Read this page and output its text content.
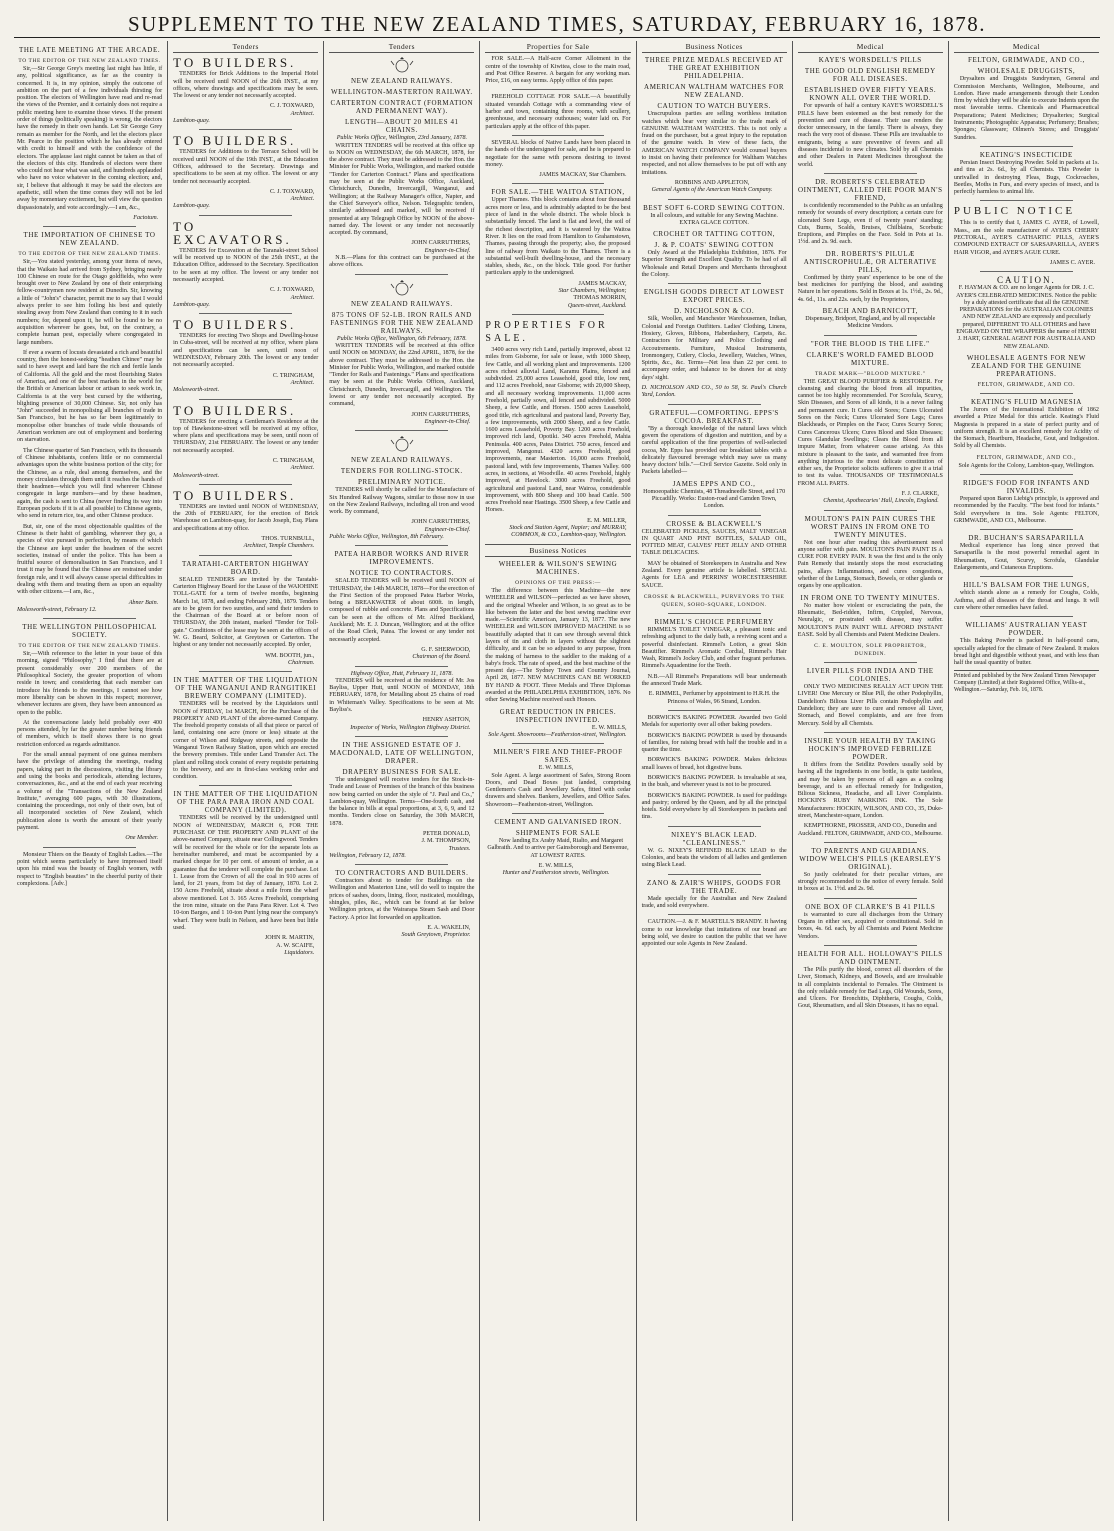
SUPPLEMENT TO THE NEW ZEALAND TIMES, SATURDAY, FEBRUARY 16, 1878.
THE LATE MEETING AT THE ARCADE.
TO THE EDITOR OF THE NEW ZEALAND TIMES.

Sir,—Sir George Grey's meeting last night has little, if any, political significance, as far as the country is concerned. It is, in my opinion, simply the outcome of ambition on the part of a few individuals thirsting for position. The electors of Wellington have read and re-read the views of the Premier, and it certainly does not require a public meeting here to examine those views. If the present order of things (politically speaking) is wrong, the electors have the remedy in their own hands. Let Sir George Grey remain as member for the North, and let the electors place Mr. Pearce in the position which he has already entered with credit to himself and with the confidence of the electors. The applause last night cannot be taken as that of the electors of this city. Hundreds of electors were there who could not hear what was said, and hundreds applauded who have no voice whatever in the coming election; and, sir, I believe that although it may be said the electors are apathetic, still when the time comes they will not be led away by momentary excitement, but will view the question dispassionately, and vote accordingly.—I am, &c.,

Factotum.
THE IMPORTATION OF CHINESE TO NEW ZEALAND.
TO THE EDITOR OF THE NEW ZEALAND TIMES.

Sir,—You stated yesterday, among your items of news, that the Waikato had arrived from Sydney, bringing nearly 100 Chinese en route for the Otago goldfields, who were brought over to New Zealand by one of their enterprising fellow-countrymen now resident at Dunedin. Sir, knowing a little of "John's" character, permit me to say that I would always prefer to see him foiling his best and quietly stealing away from New Zealand than coming to it in such numbers; for, depend upon it, he will be found to be no acquisition wherever he goes, but, on the contrary, a complete human pest, especially where congregated in large numbers.

If ever a swarm of locusts devastated a rich and beautiful country, then the honest-seeking "heathen Chinee" may be said to have swept and laid bare the rich and fertile lands of California. All the gold and the most flourishing States of America, and one of the best markets in the world for the British or American labour or artisan to seek work in, California is at the very best cursed by the withering, blighting presence of 30,000 Chinese. Sir, not only has "John" succeeded in monopolising all branches of trade in San Francisco, but he has so far been legitimately to monopolise other branches of trade while thousands of American workmen are out of employment and bordering on starvation.

The Chinese quarter of San Francisco, with its thousands of Chinese inhabitants, confers little or no commercial advantages upon the white business portion of the city; for the Chinese, as a rule, deal among themselves, and the money circulates through them until it reaches the hands of their headmen—which you will find wherever Chinese congregate in large numbers—and by these headmen, again, the cash is sent to China (never finding its way into European pockets if it is at all possible) to Chinese agents, who send in return rice, tea, and other Chinese produce.

But, sir, one of the most objectionable qualities of the Chinese is their habit of gambling, wherever they go, a species of vice pursued in perfection, by means of which the Chinese are kept under the headmen of the secret societies, instead of under the police. This has been a fruitful source of demoralisation in San Francisco, and I trust it may be found that the Chinese are restrained under foreign rule, and it will always cause special difficulties in dealing with them and treating them as upon an equality with other citizens.—I am, &c.,

Abner Bain.
Molesworth-street, February 12.
THE WELLINGTON PHILOSOPHICAL SOCIETY.
TO THE EDITOR OF THE NEW ZEALAND TIMES.

Sir,—With reference to the letter in your issue of this morning, signed "Philosophy," I find that there are at present considerably over 200 members of the Philosophical Society, the greater proportion of whom reside in town; and considering that each member can introduce his friends to the meetings, I cannot see how more liberality can be shown in this respect; moreover, whenever lectures are given, they have been announced as open to the public.

At the conversazione lately held probably over 400 persons attended, by far the greater number being friends of members, which is itself shows there is no great restriction enforced as regards admittance.

For the small annual payment of one guinea members have the privilege of attending the meetings, reading papers, taking part in the discussions, visiting the library and using the books and periodicals, attending lectures, conversaziones, &c., and at the end of each year receiving a volume of the "Transactions of the New Zealand Institute," averaging 600 pages, with 30 illustrations, containing the proceedings, not only of their own, but of all incorporated societies of New Zealand, which publication alone is worth the amount of their yearly payment.

One Member.

Monsieur Thiers on the Beauty of English Ladies.—The point which seems particularly to have impressed itself upon his mind was the beauty of English women, with respect to "English beauties" in the cheerful purity of their complexions. [Adv.]

Tenders
TO BUILDERS.

TENDERS for Brick Additions to the Imperial Hotel will be received until NOON of the 26th INST., at my offices, where drawings and specifications may be seen. The lowest or any tender not necessarily accepted.

C. J. TOXWARD,
Architect.
Lambton-quay.
TO BUILDERS.

TENDERS for Additions to the Terrace School will be received until NOON of the 19th INST., at the Education Offices, addressed to the Secretary. Drawings and specifications to be seen at my office. The lowest or any tender not necessarily accepted.

C. J. TOXWARD,
Architect.
Lambton-quay.
TO EXCAVATORS.

TENDERS for Excavation at the Taranaki-street School will be received up to NOON of the 25th INST., at the Education Office, addressed to the Secretary. Specification to be seen at my office. The lowest or any tender not necessarily accepted.

C. J. TOXWARD,
Architect.
Lambton-quay.
TO BUILDERS.

TENDERS for erecting Two Shops and Dwelling-house in Cuba-street, will be received at my office, where plans and specifications can be seen, until noon of WEDNESDAY, February 20th. The lowest or any tender not necessarily accepted.

C. TRINGHAM,
Architect.
Molesworth-street.
TO BUILDERS.

TENDERS for erecting a Gentleman's Residence at the top of Hawkestone-street will be received at my office, where plans and specifications may be seen, until noon of THURSDAY, 21st FEBRUARY. The lowest or any tender not necessarily accepted.

C. TRINGHAM,
Architect.
Molesworth-street.
TO BUILDERS.

TENDERS are invited until NOON of WEDNESDAY, the 20th of FEBRUARY, for the erection of Brick Warehouse on Lambton-quay, for Jacob Joseph, Esq. Plans and specifications at my office.

THOS. TURNBULL,
Architect, Temple Chambers.
TARATAHI-CARTERTON HIGHWAY BOARD.

SEALED TENDERS are invited by the Taratahi-Carterton Highway Board for the Lease of the WAIOHINE TOLL-GATE for a term of twelve months, beginning March 1st, 1878, and ending February 28th, 1879. Tenders are to be given for two sureties, and send their tenders to the Chairman of the Board at or before noon of THURSDAY, the 20th instant, marked "Tender for Toll-gate." Conditions of the lease may be seen at the offices of W. G. Beard, Solicitor, at Greytown or Carterton. The highest or any tender not necessarily accepted. By order,

WM. BOOTH, jun.,
Chairman.
IN THE MATTER OF THE LIQUIDATION OF THE WANGANUI AND RANGITIKEI BREWERY COMPANY (LIMITED).

TENDERS will be received by the Liquidators until NOON of FRIDAY, 1st MARCH, for the Purchase of the PROPERTY AND PLANT of the above-named Company. The freehold property consists of all that piece or parcel of land, containing one acre (more or less) situate at the corner of Wilson and Ridgway streets, and opposite the Wanganui Town Railway Station, upon which are erected the brewery premises. Title under Land Transfer Act. The plant and rolling stock consist of every requisite pertaining to the brewery, and are in first-class working order and condition.

IN THE MATTER OF THE LIQUIDATION OF THE PARA PARA IRON AND COAL COMPANY (LIMITED).

TENDERS will be received by the undersigned until NOON of WEDNESDAY, MARCH 6, FOR THE PURCHASE OF THE PROPERTY AND PLANT of the above-named Company, situate near Collingwood. Tenders will be received for the whole or for the separate lots as hereinafter numbered, and must be accompanied by a marked cheque for 10 per cent. of amount of tender, as a guarantee that the tenderer will complete the purchase. Lot 1. Lease from the Crown of all the coal in 910 acres of land, for 21 years, from 1st day of January, 1870. Lot 2. 150 Acres Freehold, situate about a mile from the wharf above mentioned. Lot 3. 165 Acres Freehold, comprising the iron mine, situate on the Para Para River. Lot 4. Two 10-ton Barges, and 1 10-ton Punt lying near the company's wharf. They were built in Nelson, and have been but little used.

JOHN R. MARTIN,
A. W. SCAIFE,
Liquidators.
Tenders
NEW ZEALAND RAILWAYS.
WELLINGTON-MASTERTON RAILWAY.
CARTERTON CONTRACT (FORMATION AND PERMANENT WAY).
LENGTH—ABOUT 20 MILES 41 CHAINS.
Public Works Office, Wellington, 23rd January, 1878.

WRITTEN TENDERS will be received at this office up to NOON on WEDNESDAY, the 6th MARCH, 1878, for the above contract. They must be addressed to the Hon. the Minister for Public Works, Wellington, and marked outside "Tender for Carterton Contract." Plans and specifications may be seen at the Public Works Office, Auckland, Christchurch, Dunedin, Invercargill, Wanganui, and Wellington; at the Railway Manager's office, Napier, and the Chief Surveyor's office, Nelson. Telegraphic tenders, similarly addressed and marked, will be received if presented at any Telegraph Office by NOON of the above-named day. The lowest or any tender not necessarily accepted. By command,

JOHN CARRUTHERS,
Engineer-in-Chief.

N.B.—Plans for this contract can be purchased at the above offices.

NEW ZEALAND RAILWAYS.
875 TONS OF 52-LB. IRON RAILS AND FASTENINGS FOR THE NEW ZEALAND RAILWAYS.
Public Works Office, Wellington, 6th February, 1878.

WRITTEN TENDERS will be received at this office until NOON on MONDAY, the 22nd APRIL, 1878, for the above contract. They must be addressed to the Hon. the Minister for Public Works, Wellington, and marked outside "Tender for Rails and Fastenings." Plans and specifications may be seen at the Public Works Offices, Auckland, Christchurch, Dunedin, Invercargill, and Wellington. The lowest or any tender not necessarily accepted. By command,

JOHN CARRUTHERS,
Engineer-in-Chief.
NEW ZEALAND RAILWAYS.
TENDERS FOR ROLLING-STOCK.
PRELIMINARY NOTICE.

TENDERS will shortly be called for the Manufacture of Six Hundred Railway Wagons, similar to those now in use on the New Zealand Railways, including all iron and wood work. By command,

JOHN CARRUTHERS,
Engineer-in-Chief.
Public Works Office, Wellington, 8th February.
PATEA HARBOR WORKS AND RIVER IMPROVEMENTS.
NOTICE TO CONTRACTORS.

SEALED TENDERS will be received until NOON of THURSDAY, the 14th MARCH, 1878—For the erection of the First Section of the proposed Patea Harbor Works, being a BREAKWATER of about 600ft. in length, composed of rubble and concrete. Plans and Specifications can be seen at the offices of Mr. Alfred Buckland, Auckland; Mr. E. J. Duncan, Wellington; and at the office of the Road Clerk, Patea. The lowest or any tender not necessarily accepted.

G. F. SHERWOOD,
Chairman of the Board.
Highway Office, Hutt, February 11, 1878.

TENDERS will be received at the residence of Mr. Jos Bayliss, Upper Hutt, until NOON of MONDAY, 18th FEBRUARY, 1878, for Metalling about 25 chains of road in Whiteman's Valley. Specifications to be seen at Mr. Bayliss's.

HENRY ASHTON,
Inspector of Works, Wellington Highway District.
IN THE ASSIGNED ESTATE OF J. MACDONALD, LATE OF WELLINGTON, DRAPER.
DRAPERY BUSINESS FOR SALE.

The undersigned will receive tenders for the Stock-in-Trade and Lease of Premises of the branch of this business now being carried on under the style of "J. Paul and Co.," Lambton-quay, Wellington. Terms—One-fourth cash, and the balance in bills at equal proportions, at 3, 6, 9, and 12 months. Tenders close on Saturday, the 30th MARCH, 1878.

PETER DONALD,
J. M. THOMPSON,
Trustees.
Wellington, February 12, 1878.
TO CONTRACTORS AND BUILDERS.

Contractors about to tender for Buildings on the Wellington and Masterton Line, will do well to inquire the prices of sashes, doors, lining, floor, rusticated, mouldings, shingles, piles, &c., which can be found at far below Wellington prices, at the Wairarapa Steam Sash and Door Factory. A price list forwarded on application.

E. A. WAKELIN,
South Greytown, Proprietor.
Properties for Sale

FOR SALE.—A Half-acre Corner Allotment in the centre of the township of Kiwitea, close to the main road, and Post Office Reserve. A bargain for any working man. Price, £16, on easy terms. Apply office of this paper.

FREEHOLD COTTAGE FOR SALE.—A beautifully situated verandah Cottage with a commanding view of harbor and town, containing three rooms, with scullery, greenhouse, and necessary outhouses; water laid on. For particulars apply at the office of this paper.

SEVERAL blocks of Native Lands have been placed in the hands of the undersigned for sale, and he is prepared to negotiate for the same with persons desiring to invest money.

JAMES MACKAY, Star Chambers.
FOR SALE.—THE WAITOA STATION,

Upper Thames. This block contains about four thousand acres more or less, and is admirably adapted to be the best piece of land in the whole district. The whole block is substantially fenced. The land is flat and level, the soil of the richest description, and it is watered by the Waitoa River. It lies on the road from Hamilton to Grahamstown, Thames, passing through the property; also, the proposed line of railway from Waikato to the Thames. There is a substantial well-built dwelling-house, and the necessary stables, sheds, &c., on the block. Title good. For further particulars apply to the undersigned.

JAMES MACKAY,
Star Chambers, Wellington;
THOMAS MORRIN,
Queen-street, Auckland.
PROPERTIES FOR SALE.

3400 acres very rich Land, partially improved, about 12 miles from Gisborne, for sale or lease, with 1000 Sheep, few Cattle, and all working plant and improvements. 1200 acres richest alluvial Land, Karamu Plains, fenced and subdivided. 25,000 acres Leasehold, good title, low rent, and 112 acres Freehold, near Gisborne; with 20,000 Sheep, and all necessary working improvements. 11,000 acres Freehold, partially sown, all fenced and subdivided. 5000 Sheep, a few Cattle, and Horses. 1500 acres Leasehold, good title, rich agricultural and pastoral land, Poverty Bay, a few improvements, with 2000 Sheep, and a few Cattle. 1600 acres Leasehold, Poverty Bay. 1200 acres Freehold, improved rich land, Opotiki. 340 acres Freehold, Mahia Peninsula. 400 acres, Patea District. 750 acres, fenced and improved, Mangonui. 4320 acres Freehold, good improvements, near Masterton. 16,000 acres Freehold, pastoral land, with few improvements, Thames Valley. 600 acres, in sections, at Woodville. 40 acres Freehold, highly improved, at Havelock. 3000 acres Freehold, good agricultural and pastoral Land, near Wairoa, considerable improvement, with 800 Sheep and 100 head Cattle. 500 acres Freehold near Hastings. 3500 Sheep, a few Cattle and Horses.

E. M. MILLER,
Stock and Station Agent, Napier; and MURRAY, COMMON, & CO., Lambton-quay, Wellington.
Business Notices
WHEELER & WILSON'S SEWING MACHINES.
OPINIONS OF THE PRESS:—

The difference between this Machine—the new WHEELER and WILSON—perfected as we have shown, and the original Wheeler and Wilson, is so great as to be like between the latter and the best sewing machine ever made.—Scientific American, January 13, 1877. The new WHEELER and WILSON IMPROVED MACHINE is so beautifully adapted that it can sew through several thick layers of tin and cloth in layers without the slightest difficulty, and it can be so adjusted to any purpose, from the making of harness to the saddler to the making of a baby's frock. The rate of speed, and the best machine of the present day.—The Sydney Town and Country Journal, April 28, 1877. NEW MACHINES CAN BE WORKED BY HAND & FOOT. Three Medals and Three Diplomas awarded at the PHILADELPHIA EXHIBITION, 1876. No other Sewing Machine received such Honors.

GREAT REDUCTION IN PRICES. INSPECTION INVITED.
E. W. MILLS,
Sole Agent. Showrooms—Featherston-street, Wellington.
MILNER'S FIRE AND THIEF-PROOF SAFES.
E. W. MILLS,

Sole Agent. A large assortment of Safes, Strong Room Doors, and Dead Boxes just landed, comprising Gentlemen's Cash and Jewellery Safes, fitted with cedar drawers and shelves. Bankers, Jewellers, and Office Safes. Showroom—Featherston-street, Wellington.

CEMENT AND GALVANISED IRON.
SHIPMENTS FOR SALE

Now landing Ex Araby Maid, Rialto, and Margaret Galbraith. And to arrive per Gainsborough and Benvenue, AT LOWEST RATES.

E. W. MILLS,
Hunter and Featherston streets, Wellington.
Business Notices
THREE PRIZE MEDALS RECEIVED AT THE GREAT EXHIBITION PHILADELPHIA.
AMERICAN WALTHAM WATCHES FOR NEW ZEALAND.
CAUTION TO WATCH BUYERS.

Unscrupulous parties are selling worthless imitation watches which bear very similar to the trade mark of GENUINE WALTHAM WATCHES. This is not only a fraud on the purchaser, but a great injury to the reputation of the genuine watch. In view of these facts, the AMERICAN WATCH COMPANY would counsel buyers to insist on having their preference for Waltham Watches respected, and not allow themselves to be put off with any imitations.

ROBBINS AND APPLETON,
General Agents of the American Watch Company.
BEST SOFT 6-CORD SEWING COTTON.

In all colours, and suitable for any Sewing Machine. EXTRA GLACE COTTON.

CROCHET OR TATTING COTTON,
J. & P. COATS' SEWING COTTON

Only Award at the Philadelphia Exhibition, 1876. For Superior Strength and Excellent Quality. To be had of all Wholesale and Retail Drapers and Merchants throughout the Colony.

ENGLISH GOODS DIRECT AT LOWEST EXPORT PRICES.
D. NICHOLSON & CO.

Silk, Woollen, and Manchester Warehousemen, Indian, Colonial and Foreign Outfitters. Ladies' Clothing, Linens, Hosiery, Gloves, Ribbons, Haberdashery, Carpets, &c. Contractors for Military and Police Clothing and Accoutrements. Furniture, Musical Instruments, Ironmongery, Cutlery, Clocks, Jewellery, Watches, Wines, Spirits, &c., &c. Terms—Net less than 22 per cent. to accompany order, and balance to be drawn for at sixty days' sight.

D. NICHOLSON AND CO., 50 to 58, St. Paul's Church Yard, London.
GRATEFUL—COMFORTING. EPPS'S COCOA. BREAKFAST.

"By a thorough knowledge of the natural laws which govern the operations of digestion and nutrition, and by a careful application of the fine properties of well-selected cocoa, Mr. Epps has provided our breakfast tables with a delicately flavoured beverage which may save us many heavy doctors' bills."—Civil Service Gazette. Sold only in Packets labelled—

JAMES EPPS AND CO.,

Homoeopathic Chemists, 48 Threadneedle Street, and 170 Piccadilly. Works: Euston-road and Camden Town, London.

CROSSE & BLACKWELL'S

CELEBRATED PICKLES, SAUCES, MALT VINEGAR IN QUART AND PINT BOTTLES, SALAD OIL, POTTED MEAT, CALVES' FEET JELLY AND OTHER TABLE DELICACIES.

MAY be obtained of Storekeepers in Australia and New Zealand. Every genuine article is labelled. SPECIAL Agents for LEA and PERRINS' WORCESTERSHIRE SAUCE.

CROSSE & BLACKWELL, PURVEYORS TO THE QUEEN, SOHO-SQUARE, LONDON.
RIMMEL'S CHOICE PERFUMERY

RIMMEL'S TOILET VINEGAR, a pleasant tonic and refreshing adjunct to the daily bath, a reviving scent and a powerful disinfectant. Rimmel's Lotion, a great Skin Beautifier. Rimmel's Aromatic Cordial, Rimmel's Hair Wash, Rimmel's Jockey Club, and other fragrant perfumes. Rimmel's Aquadentine for the Teeth.

N.B.—All Rimmel's Preparations will bear underneath the annexed Trade Mark.

E. RIMMEL, Perfumer by appointment to H.R.H. the Princess of Wales, 96 Strand, London.

BORWICK'S BAKING POWDER. Awarded two Gold Medals for superiority over all other baking powders.

BORWICK'S BAKING POWDER is used by thousands of families, for raising bread with half the trouble and in a quarter the time.

BORWICK'S BAKING POWDER. Makes delicious small loaves of bread, hot digestive buns.

BORWICK'S BAKING POWDER. Is invaluable at sea, in the bush, and wherever yeast is not to be procured.

BORWICK'S BAKING POWDER. Is used for puddings and pastry; ordered by the Queen, and by all the principal hotels. Sold everywhere by all Storekeepers in packets and tins.

NIXEY'S BLACK LEAD. "CLEANLINESS."

W. G. NIXEY'S REFINED BLACK LEAD to the Colonies, and beats the wisdom of all ladies and gentlemen using Black Lead.

ZANO & ZAIR'S WHIPS, GOODS FOR THE TRADE.

Made specially for the Australian and New Zealand trade, and sold everywhere.

CAUTION.—J. & F. MARTELL'S BRANDY. It having come to our knowledge that imitations of our brand are being sold, we desire to caution the public that we have appointed our sole Agents in New Zealand.

Medical
KAYE'S WORSDELL'S PILLS
THE GOOD OLD ENGLISH REMEDY FOR ALL DISEASES.
ESTABLISHED OVER FIFTY YEARS. KNOWN ALL OVER THE WORLD.

For upwards of half a century KAYE'S WORSDELL'S PILLS have been esteemed as the best remedy for the prevention and cure of disease. Their use renders the doctor unnecessary, in the family. There is always, they reach the very root of disease. These Pills are invaluable to emigrants, being a sure preventive of fevers and all diseases incidental to new climates. Sold by all Chemists and other Dealers in Patent Medicines throughout the world.

DR. ROBERTS'S CELEBRATED OINTMENT, CALLED THE POOR MAN'S FRIEND,

is confidently recommended to the Public as an unfailing remedy for wounds of every description; a certain cure for ulcerated Sore Legs, even if of twenty years' standing; Cuts, Burns, Scalds, Bruises, Chilblains, Scorbutic Eruptions, and Pimples on the Face. Sold in Pots at 1s. 1½d. and 2s. 9d. each.

DR. ROBERTS'S PILULÆ ANTISCROPHULÆ, OR ALTERATIVE PILLS,

Confirmed by thirty years' experience to be one of the best medicines for purifying the blood, and assisting Nature in her operations. Sold in Boxes at 1s. 1½d., 2s. 9d., 4s. 6d., 11s. and 22s. each, by the Proprietors,

BEACH AND BARNICOTT,

Dispensary, Bridport, England, and by all respectable Medicine Vendors.

"FOR THE BLOOD IS THE LIFE."
CLARKE'S WORLD FAMED BLOOD MIXTURE.
TRADE MARK—"BLOOD MIXTURE."

THE GREAT BLOOD PURIFIER & RESTORER. For cleansing and clearing the blood from all impurities, cannot be too highly recommended. For Scrofula, Scurvy, Skin Diseases, and Sores of all kinds, it is a never failing and permanent cure. It Cures old Sores; Cures Ulcerated Sores on the Neck; Cures Ulcerated Sore Legs; Cures Blackheads, or Pimples on the Face; Cures Scurvy Sores; Cures Cancerous Ulcers; Cures Blood and Skin Diseases; Cures Glandular Swellings; Clears the Blood from all impure Matter, from whatever cause arising. As this mixture is pleasant to the taste, and warranted free from anything injurious to the most delicate constitution of either sex, the Proprietor solicits sufferers to give it a trial to test its value. THOUSANDS OF TESTIMONIALS FROM ALL PARTS.

F. J. CLARKE,
Chemist, Apothecaries' Hall, Lincoln, England.
MOULTON'S PAIN PAIN CURES THE WORST PAINS IN FROM ONE TO TWENTY MINUTES.

Not one hour after reading this advertisement need anyone suffer with pain. MOULTON'S PAIN PAINT IS A CURE FOR EVERY PAIN. It was the first and is the only Pain Remedy that instantly stops the most excruciating pains, allays Inflammations, and cures congestions, whether of the Lungs, Stomach, Bowels, or other glands or organs by one application.

IN FROM ONE TO TWENTY MINUTES.

No matter how violent or excruciating the pain, the Rheumatic, Bed-ridden, Infirm, Crippled, Nervous, Neuralgic, or prostrated with disease, may suffer. MOULTON'S PAIN PAINT WILL AFFORD INSTANT EASE. Sold by all Chemists and Patent Medicine Dealers.

C. E. MOULTON, SOLE PROPRIETOR, DUNEDIN.
LIVER PILLS FOR INDIA AND THE COLONIES.

ONLY TWO MEDICINES REALLY ACT UPON THE LIVER! One Mercury or Blue Pill, the other Podophyllin, Dandelion's Bilious Liver Pills contain Podophyllin and Dandelion; they are sure to cure and remove all Liver, Stomach, and Bowel complaints, and are free from Mercury. Sold by all Chemists.

INSURE YOUR HEALTH BY TAKING HOCKIN'S IMPROVED FEBRILIZE POWDER.

It differs from the Seidlitz Powders usually sold by having all the ingredients in one bottle, is quite tasteless, and may be taken by persons of all ages as a cooling beverage, and is an effectual remedy for Indigestion, Bilious Sickness, Headache, and all Liver Complaints. HOCKIN'S RUBY MARKING INK. The Sole Manufacturers: HOCKIN, WILSON, AND CO., 35, Duke-street, Manchester-square, London.

KEMPTHORNE, PROSSER, AND CO., Dunedin and Auckland. FELTON, GRIMWADE, AND CO., Melbourne.

TO PARENTS AND GUARDIANS. WIDOW WELCH'S PILLS (KEARSLEY'S ORIGINAL).

So justly celebrated for their peculiar virtues, are strongly recommended to the notice of every female. Sold in boxes at 1s. 1½d. and 2s. 9d.

ONE BOX OF CLARKE'S B 41 PILLS

is warranted to cure all discharges from the Urinary Organs in either sex, acquired or constitutional. Sold in boxes, 4s. 6d. each, by all Chemists and Patent Medicine Vendors.

HEALTH FOR ALL. HOLLOWAY'S PILLS AND OINTMENT.

The Pills purify the blood, correct all disorders of the Liver, Stomach, Kidneys, and Bowels, and are invaluable in all complaints incidental to Females. The Ointment is the only reliable remedy for Bad Legs, Old Wounds, Sores, and Ulcers. For Bronchitis, Diphtheria, Coughs, Colds, Gout, Rheumatism, and all Skin Diseases, it has no equal.

Medical
FELTON, GRIMWADE, AND CO.,
WHOLESALE DRUGGISTS,

Drysalters and Druggists Sundrymen, General and Commission Merchants, Wellington, Melbourne, and London. Have made arrangements through their London firm by which they will be able to execute Indents upon the most favorable terms. Chemicals and Pharmaceutical Preparations; Patent Medicines; Drysalteries; Surgical Instruments; Photographic Apparatus; Perfumery; Brushes; Sponges; Glassware; Oilmen's Stores; and Druggists' Sundries.

KEATING'S INSECTICIDE

Persian Insect Destroying Powder. Sold in packets at 1s. and tins at 2s. 6d., by all Chemists. This Powder is unrivalled in destroying Fleas, Bugs, Cockroaches, Beetles, Moths in Furs, and every species of insect, and is perfectly harmless to animal life.

PUBLIC NOTICE

This is to certify that I, JAMES C. AYER, of Lowell, Mass., am the sole manufacturer of AYER'S CHERRY PECTORAL, AYER'S CATHARTIC PILLS, AYER'S COMPOUND EXTRACT OF SARSAPARILLA, AYER'S HAIR VIGOR, and AYER'S AGUE CURE.

JAMES C. AYER.
CAUTION.

F. HAYMAN & CO. are no longer Agents for DR. J. C. AYER'S CELEBRATED MEDICINES. Notice the public by a duly attested certificate that all the GENUINE PREPARATIONS for the AUSTRALIAN COLONIES AND NEW ZEALAND are expressly and peculiarly prepared, DIFFERENT TO ALL OTHERS and have ENGRAVED ON THE WRAPPERS the name of HENRI J. HART, GENERAL AGENT FOR AUSTRALIA AND NEW ZEALAND.

WHOLESALE AGENTS FOR NEW ZEALAND FOR THE GENUINE PREPARATIONS.
FELTON, GRIMWADE, AND CO.
KEATING'S FLUID MAGNESIA

The Jurors of the International Exhibition of 1862 awarded a Prize Medal for this article. Keating's Fluid Magnesia is prepared in a state of perfect purity and of uniform strength. It is an excellent remedy for Acidity of the Stomach, Heartburn, Headache, Gout, and Indigestion. Sold by all Chemists.

FELTON, GRIMWADE, AND CO.,

Sole Agents for the Colony, Lambton-quay, Wellington.

RIDGE'S FOOD FOR INFANTS AND INVALIDS.

Prepared upon Baron Liebig's principle, is approved and recommended by the Faculty. "The best food for infants." Sold everywhere in tins. Sole Agents: FELTON, GRIMWADE, AND CO., Melbourne.

DR. BUCHAN'S SARSAPARILLA

Medical experience has long since proved that Sarsaparilla is the most powerful remedial agent in Rheumatism, Gout, Scurvy, Scrofula, Glandular Enlargements, and Cutaneous Eruptions.

HILL'S BALSAM FOR THE LUNGS,

which stands alone as a remedy for Coughs, Colds, Asthma, and all diseases of the throat and lungs. It will cure where other remedies have failed.

WILLIAMS' AUSTRALIAN YEAST POWDER.

This Baking Powder is packed in half-pound cans, specially adapted for the climate of New Zealand. It makes bread light and digestible without yeast, and with less than half the usual quantity of butter.

Printed and published by the New Zealand Times Newspaper Company (Limited) at their Registered Office, Willis-st., Wellington.—Saturday, Feb. 16, 1878.
